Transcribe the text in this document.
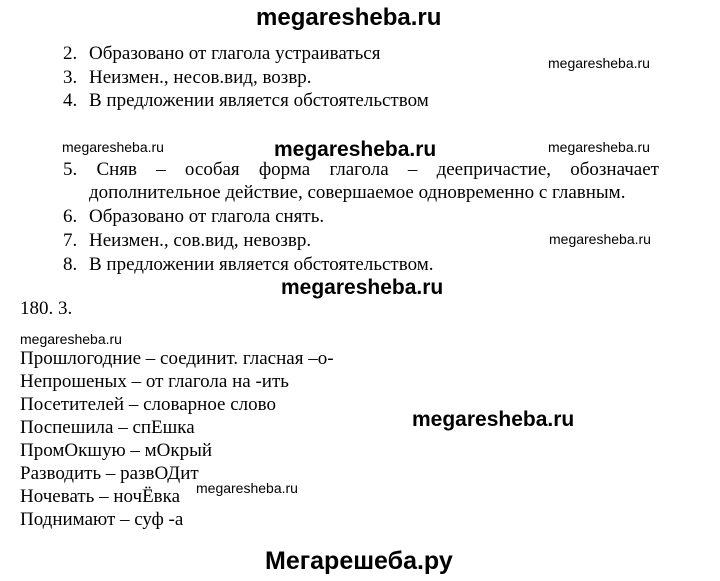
megaresheba.ru
2. Образовано от глагола устраиваться
3. Неизмен., несов.вид, возвр.
4. В предложении является обстоятельством
megaresheba.ru
megaresheba.ru	megaresheba.ru	megaresheba.ru
5. Сняв – особая форма глагола – деепричастие, обозначает
дополнительное действие, совершаемое одновременно с главным.
6. Образовано от глагола снять.
7. Неизмен., сов.вид, невозвр.
8. В предложении является обстоятельством.
megaresheba.ru
megaresheba.ru
180. 3.
megaresheba.ru
Прошлогодние – соединит. гласная –о-
Непрошеных – от глагола на -ить
Посетителей – словарное слово
Поспешила – спЕшка
ПромОкшую – мОкрый
Разводить – развОДит
Ночевать – ночЁвка
Поднимают – суф -а
megaresheba.ru
megaresheba.ru
Мегарешеба.ру
